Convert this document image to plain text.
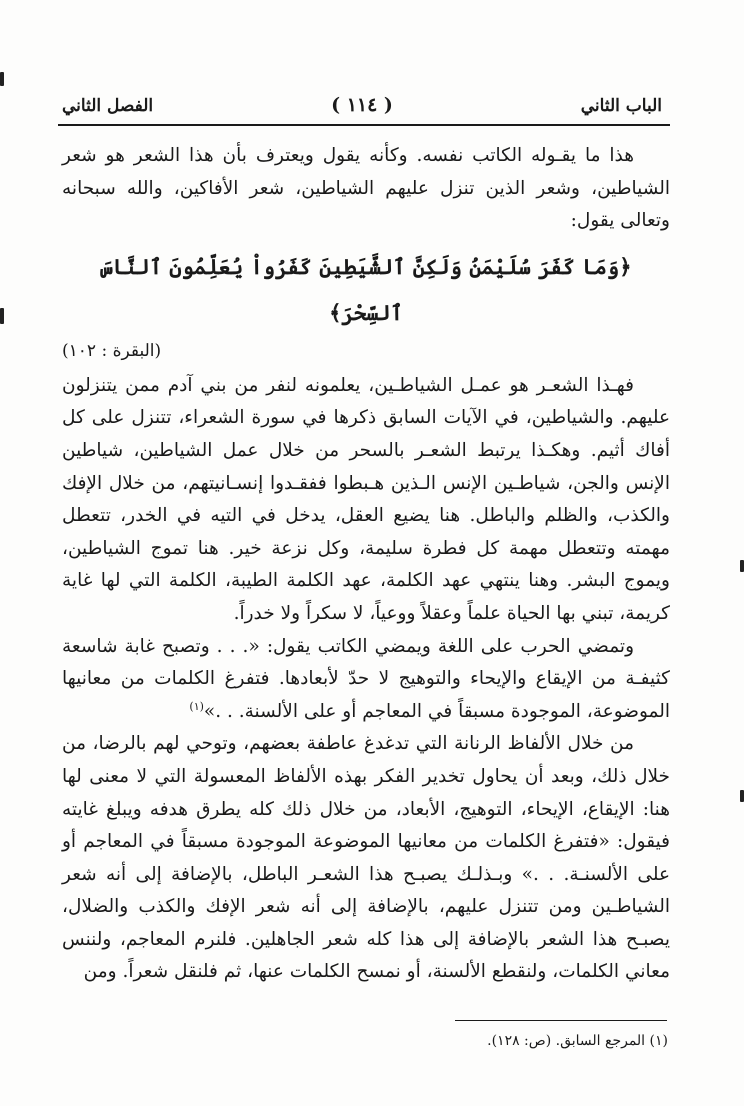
الباب الثاني
( ١١٤ )
الفصل الثاني

هذا ما يقـوله الكاتب نفسه. وكأنه يقول ويعترف بأن هذا الشعر هو شعر الشياطين، وشعر الذين تنزل عليهم الشياطين، شعر الأفاكين، والله سبحانه وتعالى يقول:

﴿وَمَا كَفَرَ سُلَيْمَنُ وَلَكِنَّ ٱلشَّيَطِينَ كَفَرُواْ يُعَلِّمُونَ ٱلنَّاسَ ٱلسِّحْرَ﴾
(البقرة : ١٠٢)

فهـذا الشعـر هو عمـل الشياطـين، يعلمونه لنفر من بني آدم ممن يتنزلون عليهم. والشياطين، في الآيات السابق ذكرها في سورة الشعراء، تتنزل على كل أفاك أثيم. وهكـذا يرتبط الشعـر بالسحر من خلال عمل الشياطين، شياطين الإنس والجن، شياطـين الإنس الـذين هـبطوا ففقـدوا إنسـانيتهم، من خلال الإفك والكذب، والظلم والباطل. هنا يضيع العقل، يدخل في التيه في الخدر، تتعطل مهمته وتتعطل مهمة كل فطرة سليمة، وكل نزعة خير. هنا تموج الشياطين، ويموج البشر. وهنا ينتهي عهد الكلمة، عهد الكلمة الطيبة، الكلمة التي لها غاية كريمة، تبني بها الحياة علماً وعقلاً ووعياً، لا سكراً ولا خدراً.

وتمضي الحرب على اللغة ويمضي الكاتب يقول: «. . . وتصبح غابة شاسعة كثيفـة من الإيقاع والإيحاء والتوهيج لا حدّ لأبعادها. فتفرغ الكلمات من معانيها الموضوعة، الموجودة مسبقاً في المعاجم أو على الألسنة. . .»$^{(١)}$

من خلال الألفاظ الرنانة التي تدغدغ عاطفة بعضهم، وتوحي لهم بالرضا، من خلال ذلك، وبعد أن يحاول تخدير الفكر بهذه الألفاظ المعسولة التي لا معنى لها هنا: الإيقاع، الإيحاء، التوهيج، الأبعاد، من خلال ذلك كله يطرق هدفه ويبلغ غايته فيقول: «فتفرغ الكلمات من معانيها الموضوعة الموجودة مسبقاً في المعاجم أو على الألسنـة. . .» وبـذلـك يصبـح هذا الشعـر الباطل، بالإضافة إلى أنه شعر الشياطـين ومن تتنزل عليهم، بالإضافة إلى أنه شعر الإفك والكذب والضلال، يصبـح هذا الشعر بالإضافة إلى هذا كله شعر الجاهلين. فلنرم المعاجم، ولننس معاني الكلمات، ولنقطع الألسنة، أو نمسح الكلمات عنها، ثم فلنقل شعراً. ومن

(١) المرجع السابق. (ص: ١٢٨).
